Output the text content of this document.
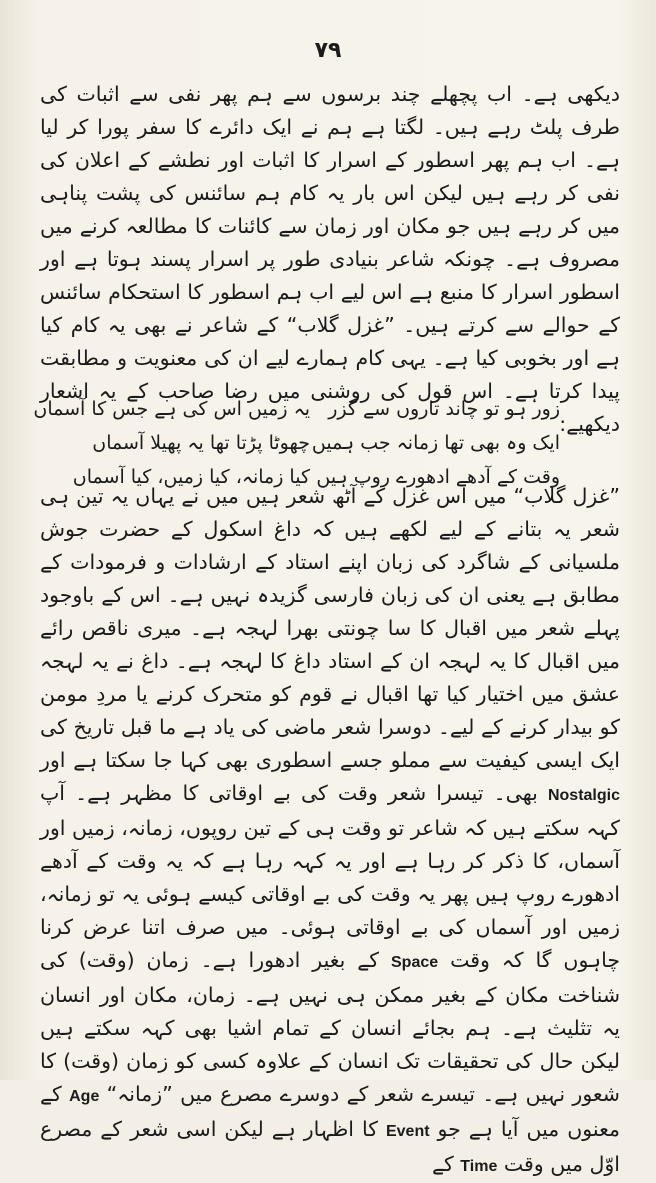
۷۹

دیکھی ہے۔ اب پچھلے چند برسوں سے ہم پھر نفی سے اثبات کی طرف پلٹ رہے ہیں۔ لگتا ہے ہم نے ایک دائرے کا سفر پورا کر لیا ہے۔ اب ہم پھر اسطور کے اسرار کا اثبات اور نطشے کے اعلان کی نفی کر رہے ہیں لیکن اس بار یہ کام ہم سائنس کی پشت پناہی میں کر رہے ہیں جو مکان اور زمان سے کائنات کا مطالعہ کرنے میں مصروف ہے۔ چونکہ شاعر بنیادی طور پر اسرار پسند ہوتا ہے اور اسطور اسرار کا منبع ہے اس لیے اب ہم اسطور کا استحکام سائنس کے حوالے سے کرتے ہیں۔ ”غزل گلاب“ کے شاعر نے بھی یہ کام کیا ہے اور بخوبی کیا ہے۔ یہی کام ہمارے لیے ان کی معنویت و مطابقت پیدا کرتا ہے۔ اس قول کی روشنی میں رضا صاحب کے یہ اشعار دیکھیے:

زور ہو تو چاند تاروں سے گزر
یہ زمیں اس کی ہے جس کا آسماں
ایک وہ بھی تھا زمانہ جب ہمیں
چھوٹا پڑتا تھا یہ پھیلا آسماں
وقت کے آدھے ادھورے روپ ہیں
کیا زمانہ، کیا زمیں، کیا آسماں

”غزل گلاب“ میں اس غزل کے آٹھ شعر ہیں میں نے یہاں یہ تین ہی شعر یہ بتانے کے لیے لکھے ہیں کہ داغ اسکول کے حضرت جوش ملسیانی کے شاگرد کی زبان اپنے استاد کے ارشادات و فرمودات کے مطابق ہے یعنی ان کی زبان فارسی گزیدہ نہیں ہے۔ اس کے باوجود پہلے شعر میں اقبال کا سا چونتی بھرا لہجہ ہے۔ میری ناقص رائے میں اقبال کا یہ لہجہ ان کے استاد داغ کا لہجہ ہے۔ داغ نے یہ لہجہ عشق میں اختیار کیا تھا اقبال نے قوم کو متحرک کرنے یا مردِ مومن کو بیدار کرنے کے لیے۔ دوسرا شعر ماضی کی یاد ہے ما قبل تاریخ کی ایک ایسی کیفیت سے مملو جسے اسطوری بھی کہا جا سکتا ہے اور Nostalgic بھی۔ تیسرا شعر وقت کی بے اوقاتی کا مظہر ہے۔ آپ کہہ سکتے ہیں کہ شاعر تو وقت ہی کے تین روپوں، زمانہ، زمیں اور آسماں، کا ذکر کر رہا ہے اور یہ کہہ رہا ہے کہ یہ وقت کے آدھے ادھورے روپ ہیں پھر یہ وقت کی بے اوقاتی کیسے ہوئی یہ تو زمانہ، زمیں اور آسماں کی بے اوقاتی ہوئی۔ میں صرف اتنا عرض کرنا چاہوں گا کہ وقت Space کے بغیر ادھورا ہے۔ زمان (وقت) کی شناخت مکان کے بغیر ممکن ہی نہیں ہے۔ زمان، مکان اور انسان یہ تثلیث ہے۔ ہم بجائے انسان کے تمام اشیا بھی کہہ سکتے ہیں لیکن حال کی تحقیقات تک انسان کے علاوہ کسی کو زمان (وقت) کا شعور نہیں ہے۔ تیسرے شعر کے دوسرے مصرع میں ”زمانہ“ Age کے معنوں میں آیا ہے جو Event کا اظہار ہے لیکن اسی شعر کے مصرع اوّل میں وقت Time کے
